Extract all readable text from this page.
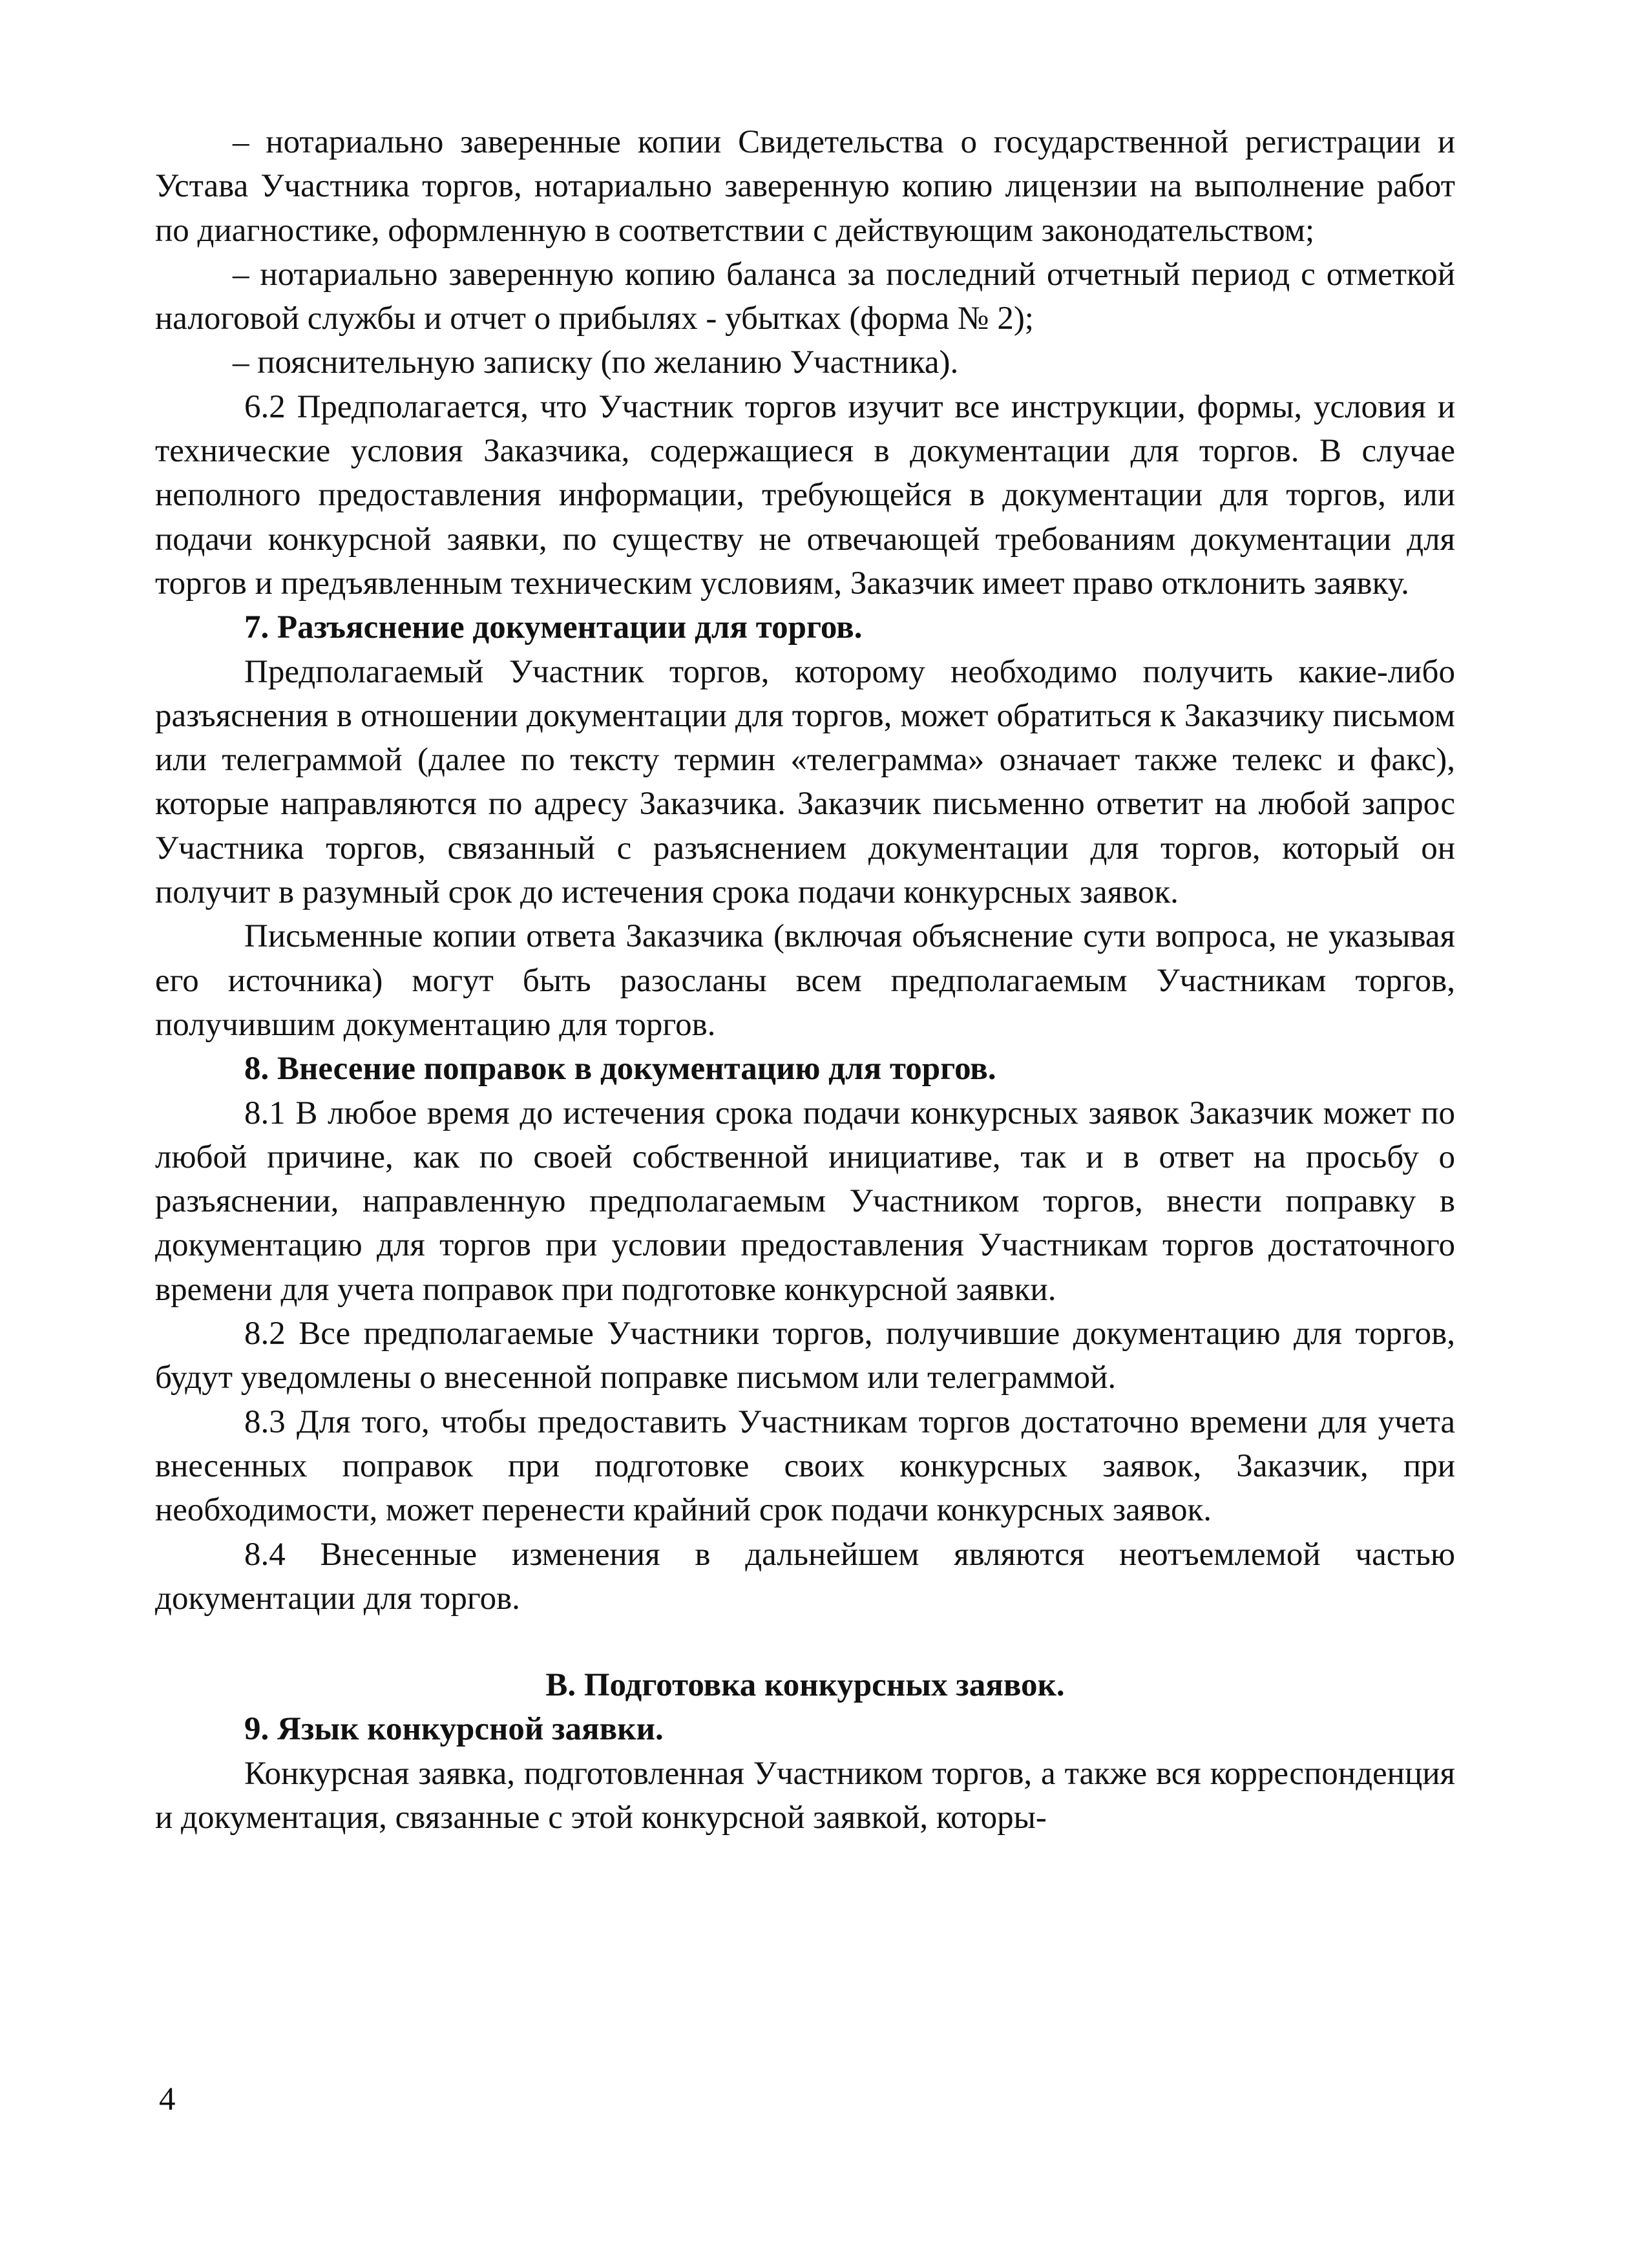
– нотариально заверенные копии Свидетельства о государственной регистрации и Устава Участника торгов, нотариально заверенную копию лицензии на выполнение работ по диагностике, оформленную в соответствии с действующим законодательством;

– нотариально заверенную копию баланса за последний отчетный период с отметкой налоговой службы и отчет о прибылях - убытках (форма № 2);

– пояснительную записку (по желанию Участника).

6.2 Предполагается, что Участник торгов изучит все инструкции, формы, условия и технические условия Заказчика, содержащиеся в документации для торгов. В случае неполного предоставления информации, требующейся в документации для торгов, или подачи конкурсной заявки, по существу не отвечающей требованиям документации для торгов и предъявленным техническим условиям, Заказчик имеет право отклонить заявку.

7. Разъяснение документации для торгов.

Предполагаемый Участник торгов, которому необходимо получить какие-либо разъяснения в отношении документации для торгов, может обратиться к Заказчику письмом или телеграммой (далее по тексту термин «телеграмма» означает также телекс и факс), которые направляются по адресу Заказчика. Заказчик письменно ответит на любой запрос Участника торгов, связанный с разъяснением документации для торгов, который он получит в разумный срок до истечения срока подачи конкурсных заявок.

Письменные копии ответа Заказчика (включая объяснение сути вопроса, не указывая его источника) могут быть разосланы всем предполагаемым Участникам торгов, получившим документацию для торгов.

8. Внесение поправок в документацию для торгов.

8.1 В любое время до истечения срока подачи конкурсных заявок Заказчик может по любой причине, как по своей собственной инициативе, так и в ответ на просьбу о разъяснении, направленную предполагаемым Участником торгов, внести поправку в документацию для торгов при условии предоставления Участникам торгов достаточного времени для учета поправок при подготовке конкурсной заявки.

8.2 Все предполагаемые Участники торгов, получившие документацию для торгов, будут уведомлены о внесенной поправке письмом или телеграммой.

8.3 Для того, чтобы предоставить Участникам торгов достаточно времени для учета внесенных поправок при подготовке своих конкурсных заявок, Заказчик, при необходимости, может перенести крайний срок подачи конкурсных заявок.

8.4 Внесенные изменения в дальнейшем являются неотъемлемой частью документации для торгов.

В. Подготовка конкурсных заявок.

9. Язык конкурсной заявки.

Конкурсная заявка, подготовленная Участником торгов, а также вся корреспонденция и документация, связанные с этой конкурсной заявкой, которы-

4
